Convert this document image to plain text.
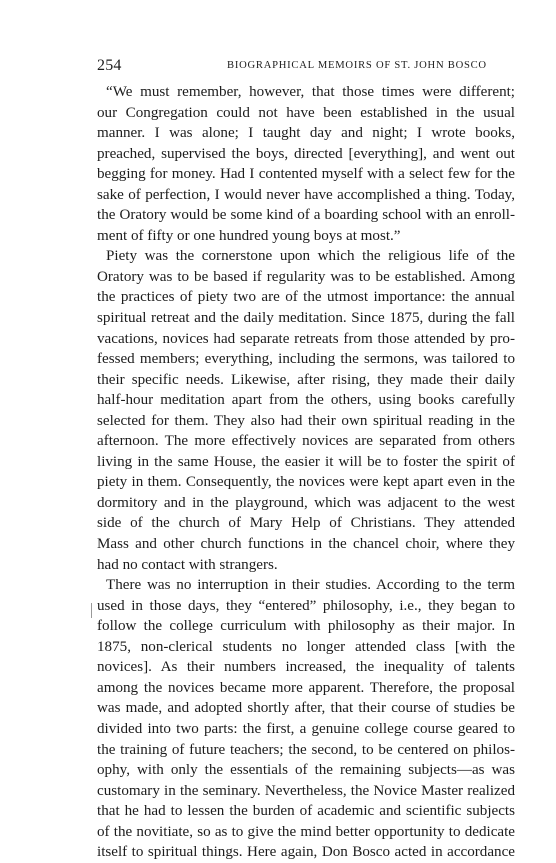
254	BIOGRAPHICAL MEMOIRS OF ST. JOHN BOSCO
“We must remember, however, that those times were different;
our Congregation could not have been established in the usual
manner. I was alone; I taught day and night; I wrote books,
preached, supervised the boys, directed [everything], and went out
begging for money. Had I contented myself with a select few for the
sake of perfection, I would never have accomplished a thing. Today,
the Oratory would be some kind of a boarding school with an enroll-
ment of fifty or one hundred young boys at most.”
Piety was the cornerstone upon which the religious life of the
Oratory was to be based if regularity was to be established. Among
the practices of piety two are of the utmost importance: the annual
spiritual retreat and the daily meditation. Since 1875, during the fall
vacations, novices had separate retreats from those attended by pro-
fessed members; everything, including the sermons, was tailored to
their specific needs. Likewise, after rising, they made their daily
half-hour meditation apart from the others, using books carefully
selected for them. They also had their own spiritual reading in the
afternoon. The more effectively novices are separated from others
living in the same House, the easier it will be to foster the spirit of
piety in them. Consequently, the novices were kept apart even in the
dormitory and in the playground, which was adjacent to the west
side of the church of Mary Help of Christians. They attended
Mass and other church functions in the chancel choir, where they
had no contact with strangers.
There was no interruption in their studies. According to the term
used in those days, they “entered” philosophy, i.e., they began to
follow the college curriculum with philosophy as their major. In
1875, non-clerical students no longer attended class [with the
novices]. As their numbers increased, the inequality of talents
among the novices became more apparent. Therefore, the proposal
was made, and adopted shortly after, that their course of studies be
divided into two parts: the first, a genuine college course geared to
the training of future teachers; the second, to be centered on philos-
ophy, with only the essentials of the remaining subjects—as was
customary in the seminary. Nevertheless, the Novice Master realized
that he had to lessen the burden of academic and scientific subjects
of the novitiate, so as to give the mind better opportunity to dedicate
itself to spiritual things. Here again, Don Bosco acted in accordance
